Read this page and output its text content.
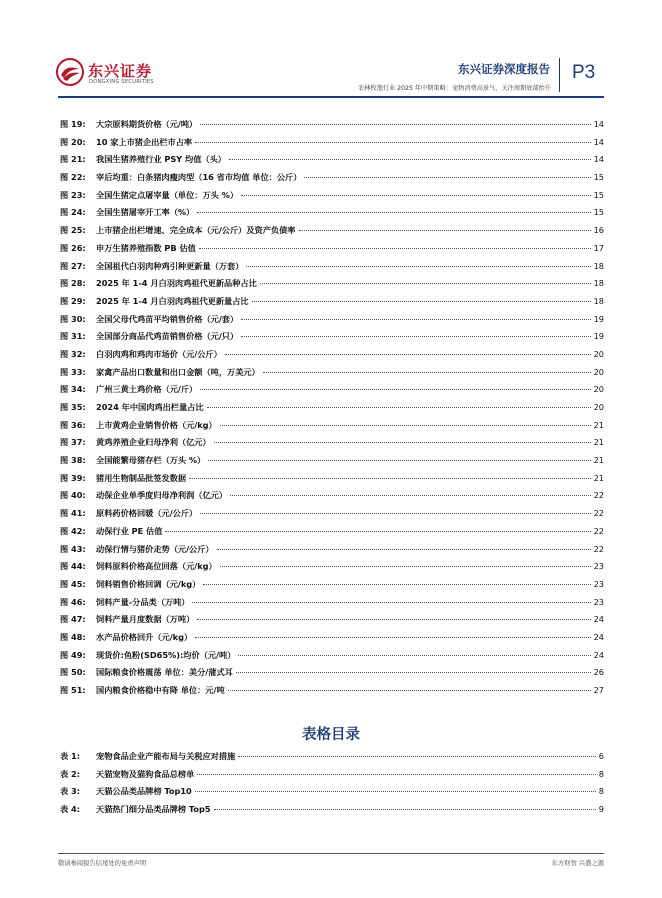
东兴证券
DONGXING SECURITIES
东兴证券深度报告
农林牧渔行业 2025 年中期策略：宠物消费高景气，关注周期底部抬升
P3
图 19:	大宗原料期货价格（元/吨）	14
图 20:	10 家上市猪企出栏市占率	14
图 21:	我国生猪养殖行业 PSY 均值（头）	14
图 22:	宰后均重：白条猪肉瘦肉型（16 省市均值 单位：公斤）	15
图 23:	全国生猪定点屠宰量（单位：万头 %）	15
图 24:	全国生猪屠宰开工率（%）	15
图 25:	上市猪企出栏增速、完全成本（元/公斤）及资产负债率	16
图 26:	申万生猪养殖指数 PB 估值	17
图 27:	全国祖代白羽肉种鸡引种更新量（万套）	18
图 28:	2025 年 1-4 月白羽肉鸡祖代更新品种占比	18
图 29:	2025 年 1-4 月白羽肉鸡祖代更新量占比	18
图 30:	全国父母代鸡苗平均销售价格（元/套）	19
图 31:	全国部分商品代鸡苗销售价格（元/只）	19
图 32:	白羽肉鸡和鸡肉市场价（元/公斤）	20
图 33:	家禽产品出口数量和出口金额（吨，万美元）	20
图 34:	广州三黄土鸡价格（元/斤）	20
图 35:	2024 年中国肉鸡出栏量占比	20
图 36:	上市黄鸡企业销售价格（元/kg）	21
图 37:	黄鸡养殖企业归母净利（亿元）	21
图 38:	全国能繁母猪存栏（万头 %）	21
图 39:	猪用生物制品批签发数据	21
图 40:	动保企业单季度归母净利润（亿元）	22
图 41:	原料药价格回暖（元/公斤）	22
图 42:	动保行业 PE 估值	22
图 43:	动保行情与猪价走势（元/公斤）	22
图 44:	饲料原料价格高位回落（元/kg）	23
图 45:	饲料销售价格回调（元/kg）	23
图 46:	饲料产量-分品类（万吨）	23
图 47:	饲料产量月度数据（万吨）	24
图 48:	水产品价格回升（元/kg）	24
图 49:	现货价:鱼粉(SD65%):均价（元/吨）	24
图 50:	国际粮食价格震荡 单位：美分/蒲式耳	26
图 51:	国内粮食价格稳中有降 单位：元/吨	27
表格目录
表 1:	宠物食品企业产能布局与关税应对措施	6
表 2:	天猫宠物及猫狗食品总榜单	8
表 3:	天猫公品类品牌榜 Top10	8
表 4:	天猫热门细分品类品牌榜 Top5	9
敬请参阅报告结尾处的免责声明	东方财智 兴盛之源
